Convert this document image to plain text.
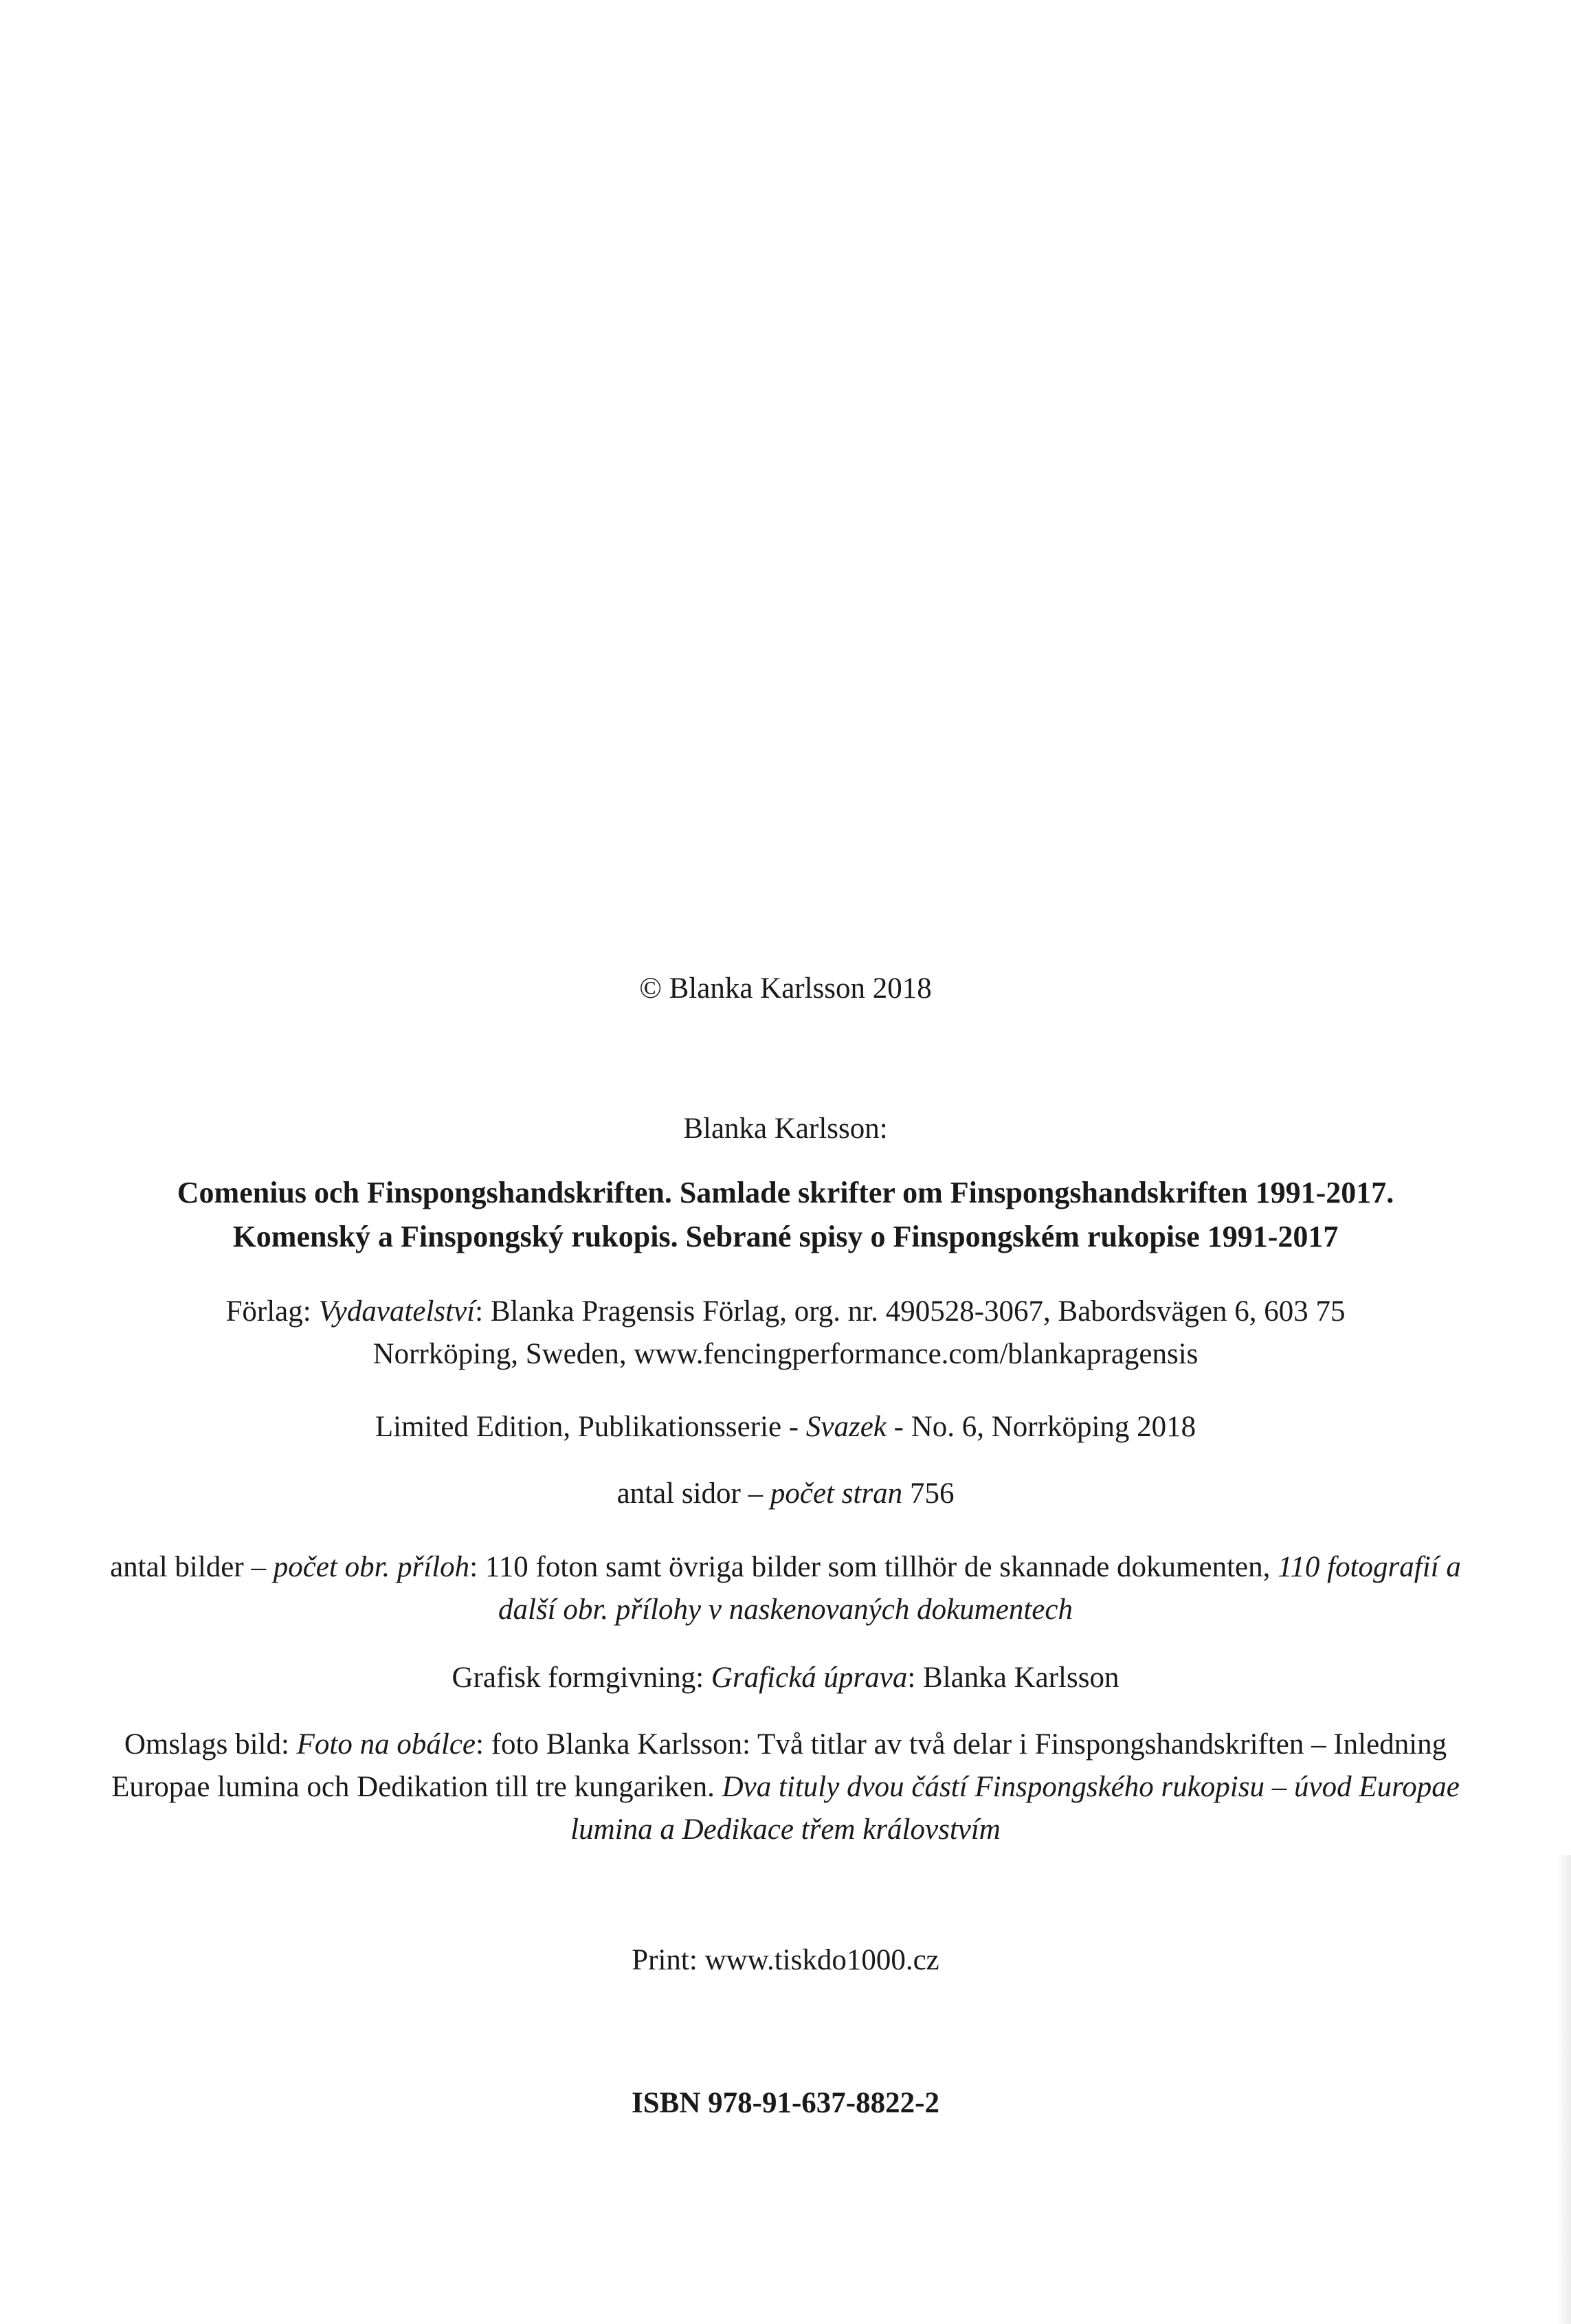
© Blanka Karlsson 2018
Blanka Karlsson:
Comenius och Finspongshandskriften. Samlade skrifter om Finspongshandskriften 1991-2017.
Komenský a Finspongský rukopis. Sebrané spisy o Finspongském rukopise 1991-2017
Förlag: Vydavatelství: Blanka Pragensis Förlag, org. nr. 490528-3067, Babordsvägen 6, 603 75
Norrköping, Sweden, www.fencingperformance.com/blankapragensis
Limited Edition, Publikationsserie - Svazek - No. 6, Norrköping 2018
antal sidor – počet stran 756
antal bilder – počet obr. příloh: 110 foton samt övriga bilder som tillhör de skannade dokumenten, 110 fotografií a další obr. přílohy v naskenovaných dokumentech
Grafisk formgivning: Grafická úprava: Blanka Karlsson
Omslags bild: Foto na obálce: foto Blanka Karlsson: Två titlar av två delar i Finspongshandskriften – Inledning Europae lumina och Dedikation till tre kungariken. Dva tituly dvou částí Finspongského rukopisu – úvod Europae lumina a Dedikace třem královstvím
Print: www.tiskdo1000.cz
ISBN 978-91-637-8822-2
